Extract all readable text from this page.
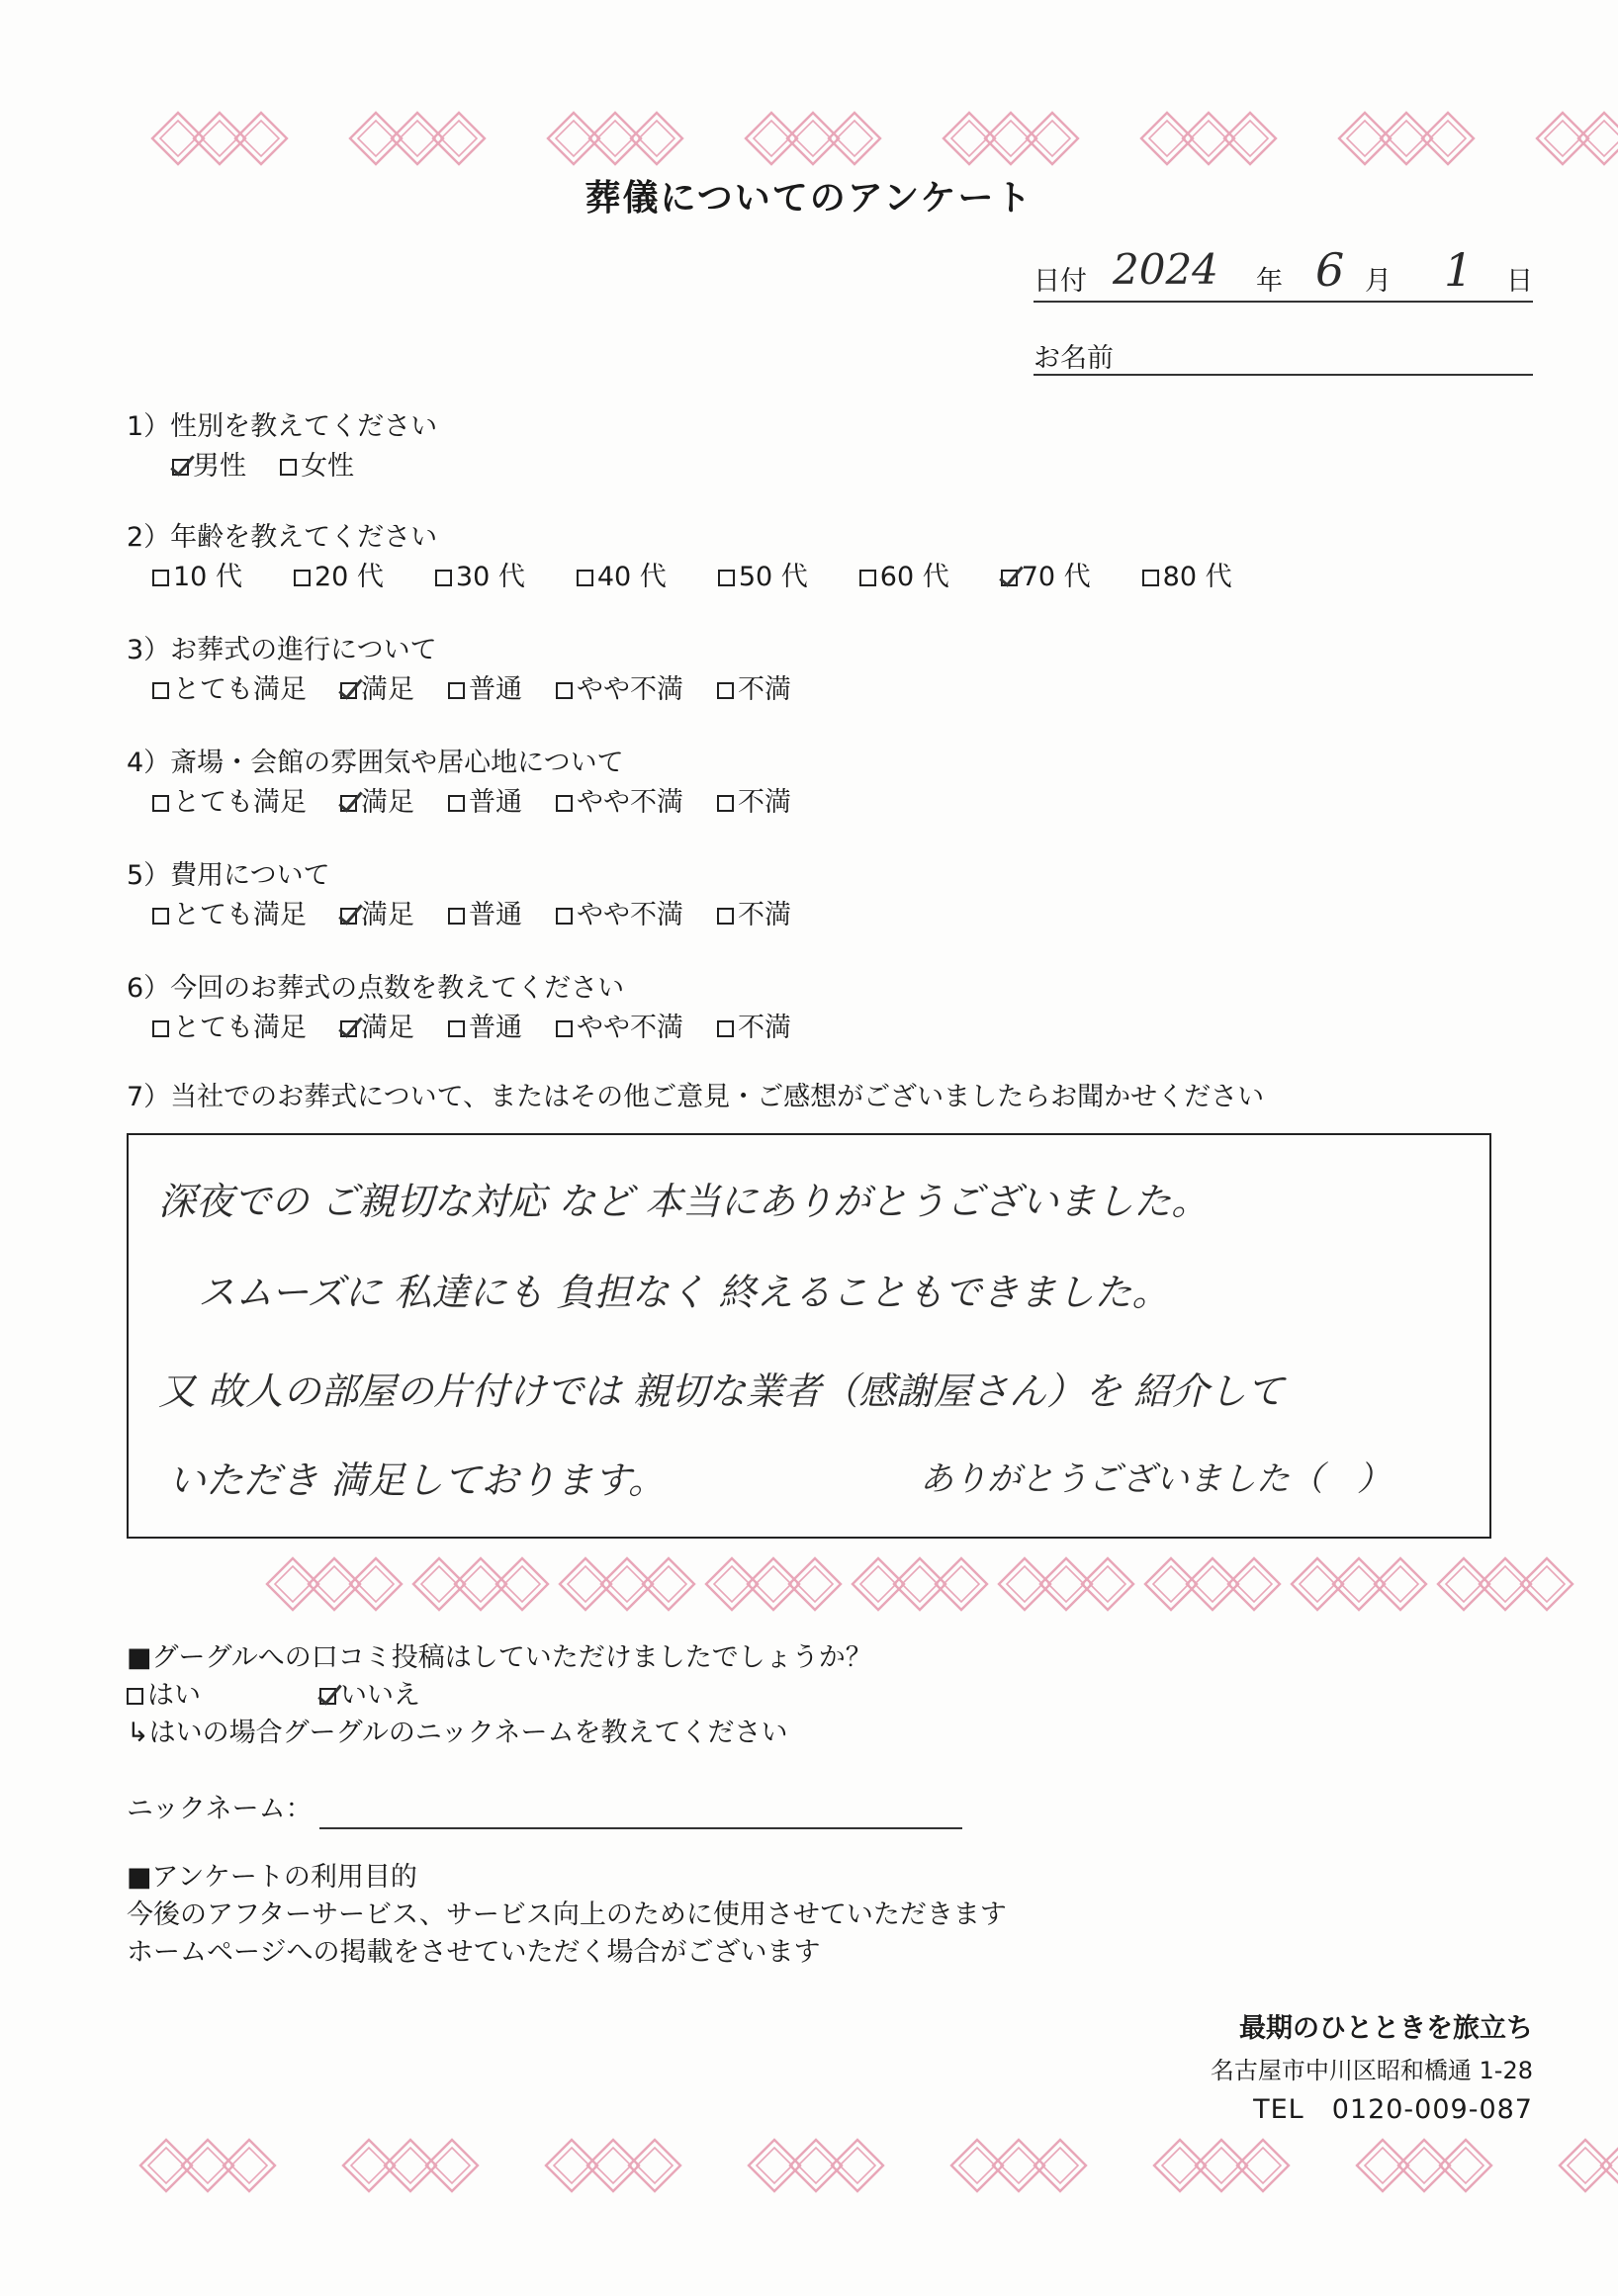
葬儀についてのアンケート
日付 2024 年 6 月 1 日
お名前
1）性別を教えてください
男性 女性
2）年齢を教えてください
10 代	20 代	30 代	40 代	50 代	60 代	70 代	80 代
3）お葬式の進行について
とても満足 満足 普通 やや不満 不満
4）斎場・会館の雰囲気や居心地について
とても満足 満足 普通 やや不満 不満
5）費用について
とても満足 満足 普通 やや不満 不満
6）今回のお葬式の点数を教えてください
とても満足 満足 普通 やや不満 不満
7）当社でのお葬式について、またはその他ご意見・ご感想がございましたらお聞かせください
深夜での ご親切な対応 など 本当にありがとうございました。
スムーズに 私達にも 負担なく 終えることもできました。
又 故人の部屋の片付けでは 親切な業者（感謝屋さん）を 紹介して
いただき 満足しております。	ありがとうございました（　）
■グーグルへの口コミ投稿はしていただけましたでしょうか？
はい	いいえ
↳はいの場合グーグルのニックネームを教えてください
ニックネーム：
■アンケートの利用目的
今後のアフターサービス、サービス向上のために使用させていただきます
ホームページへの掲載をさせていただく場合がございます
最期のひとときを旅立ち
名古屋市中川区昭和橋通 1-28
TEL　0120-009-087
